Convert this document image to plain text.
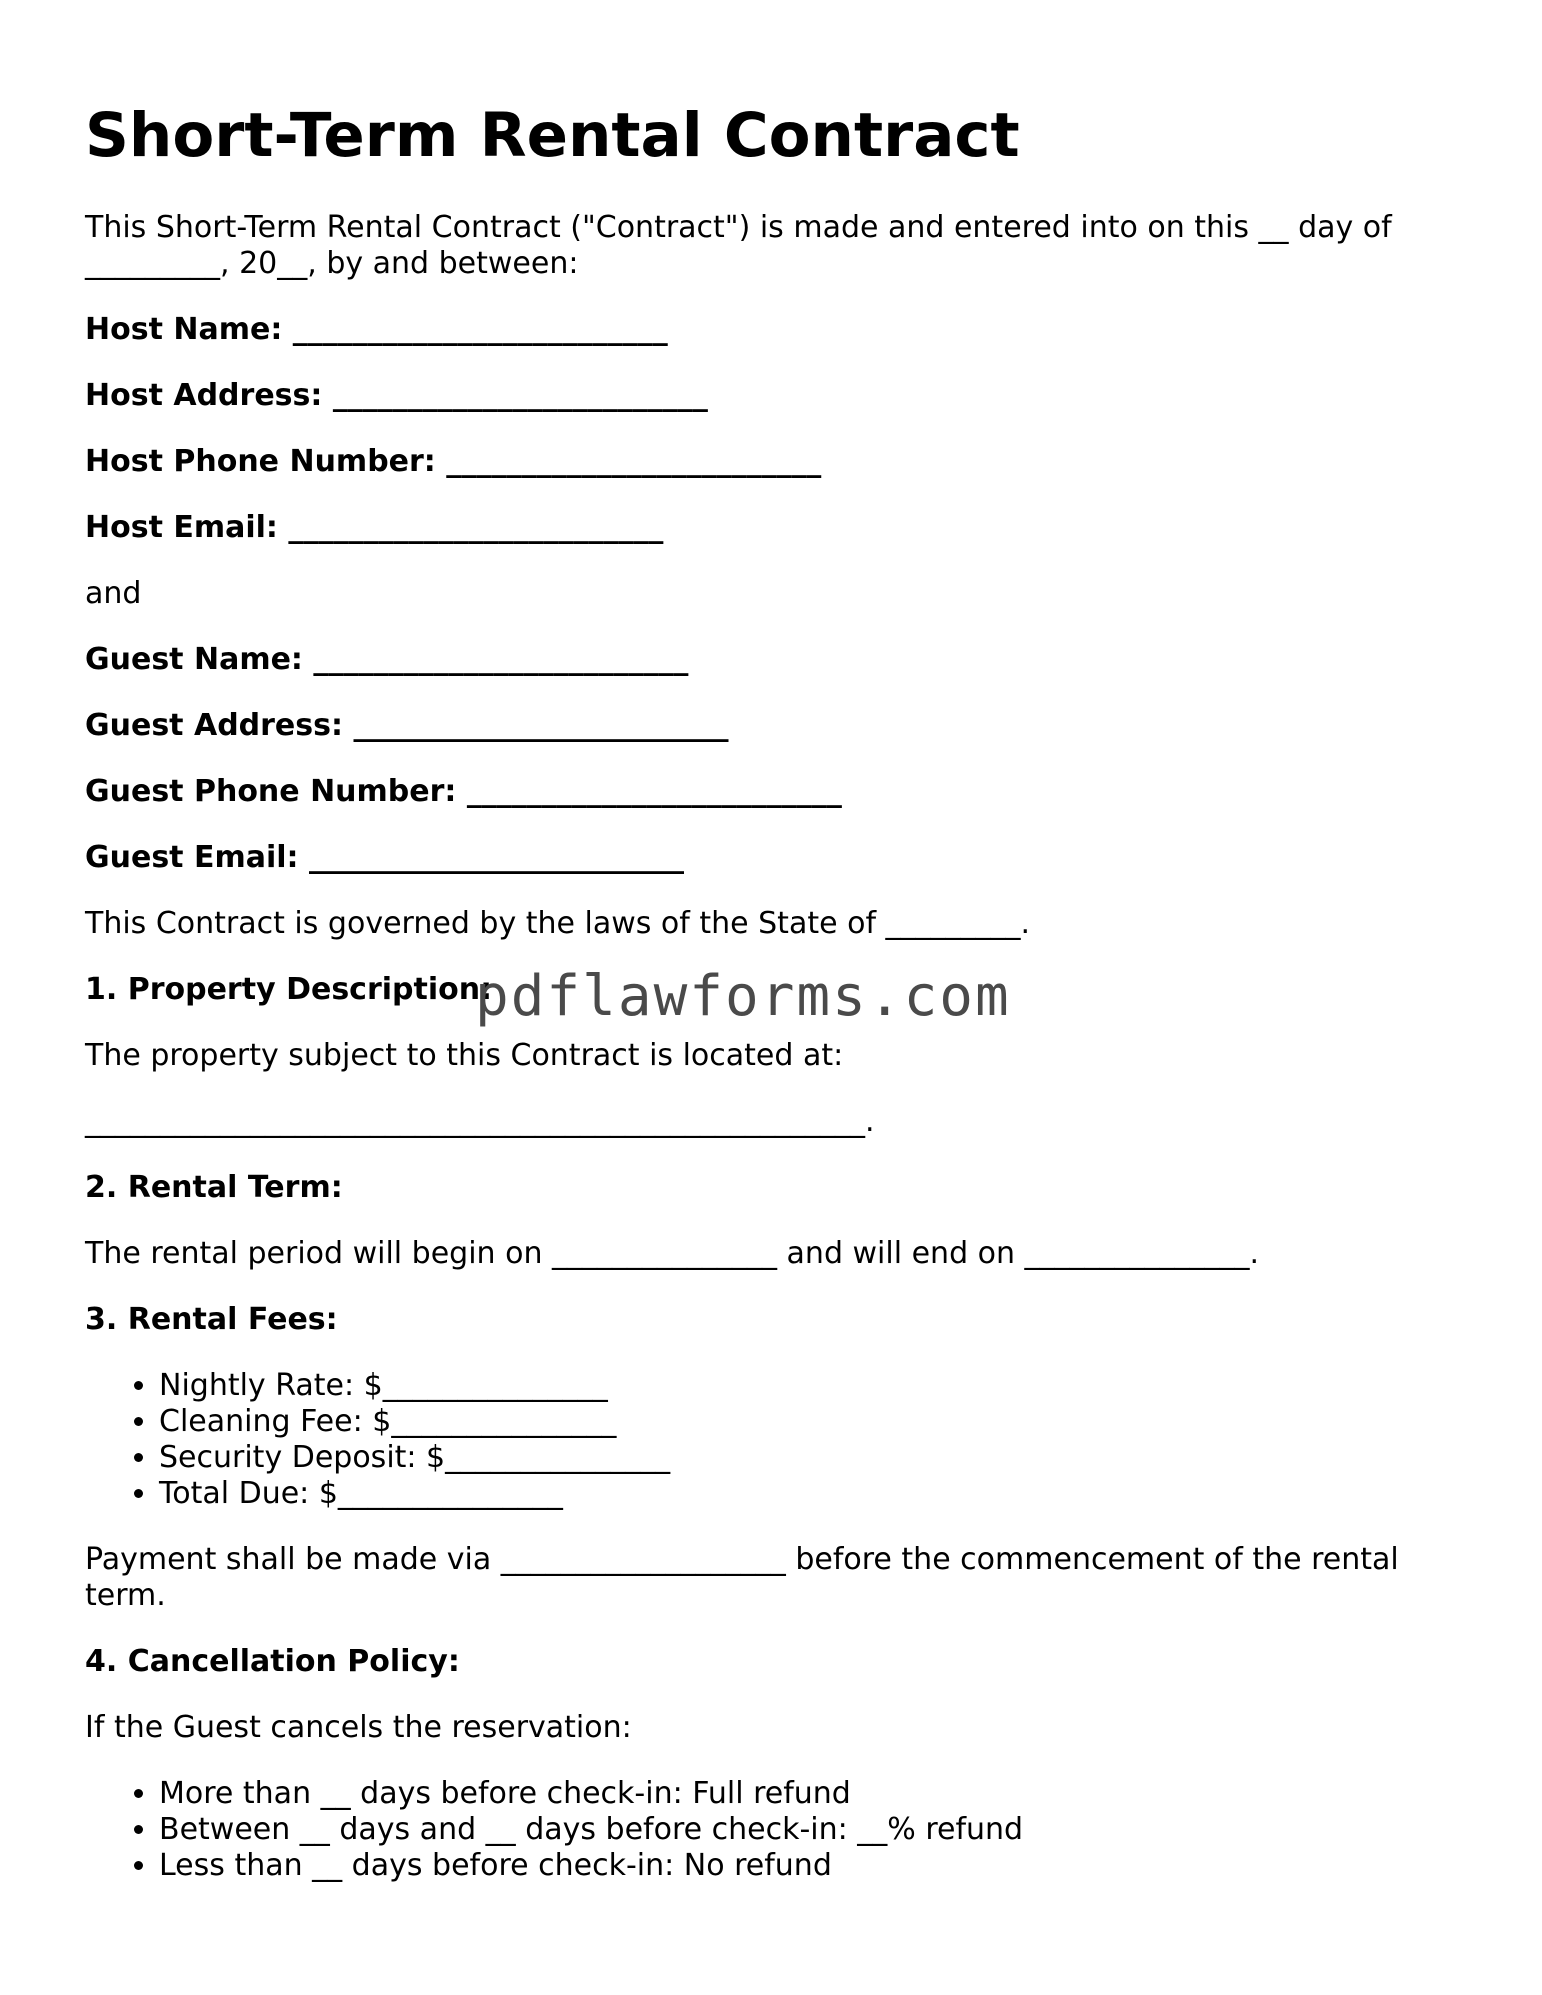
Short-Term Rental Contract

This Short-Term Rental Contract ("Contract") is made and entered into on this __ day of _________, 20__, by and between:

Host Name: _________________________

Host Address: _________________________

Host Phone Number: _________________________

Host Email: _________________________

and

Guest Name: _________________________

Guest Address: _________________________

Guest Phone Number: _________________________

Guest Email: _________________________

This Contract is governed by the laws of the State of _________.

1. Property Description:

The property subject to this Contract is located at:

____________________________________________________.

2. Rental Term:

The rental period will begin on _______________ and will end on _______________.

3. Rental Fees:
• Nightly Rate: $_______________
• Cleaning Fee: $_______________
• Security Deposit: $_______________
• Total Due: $_______________

Payment shall be made via ___________________ before the commencement of the rental term.

4. Cancellation Policy:

If the Guest cancels the reservation:

• More than __ days before check-in: Full refund
• Between __ days and __ days before check-in: __% refund
• Less than __ days before check-in: No refund
pdflawforms.com
